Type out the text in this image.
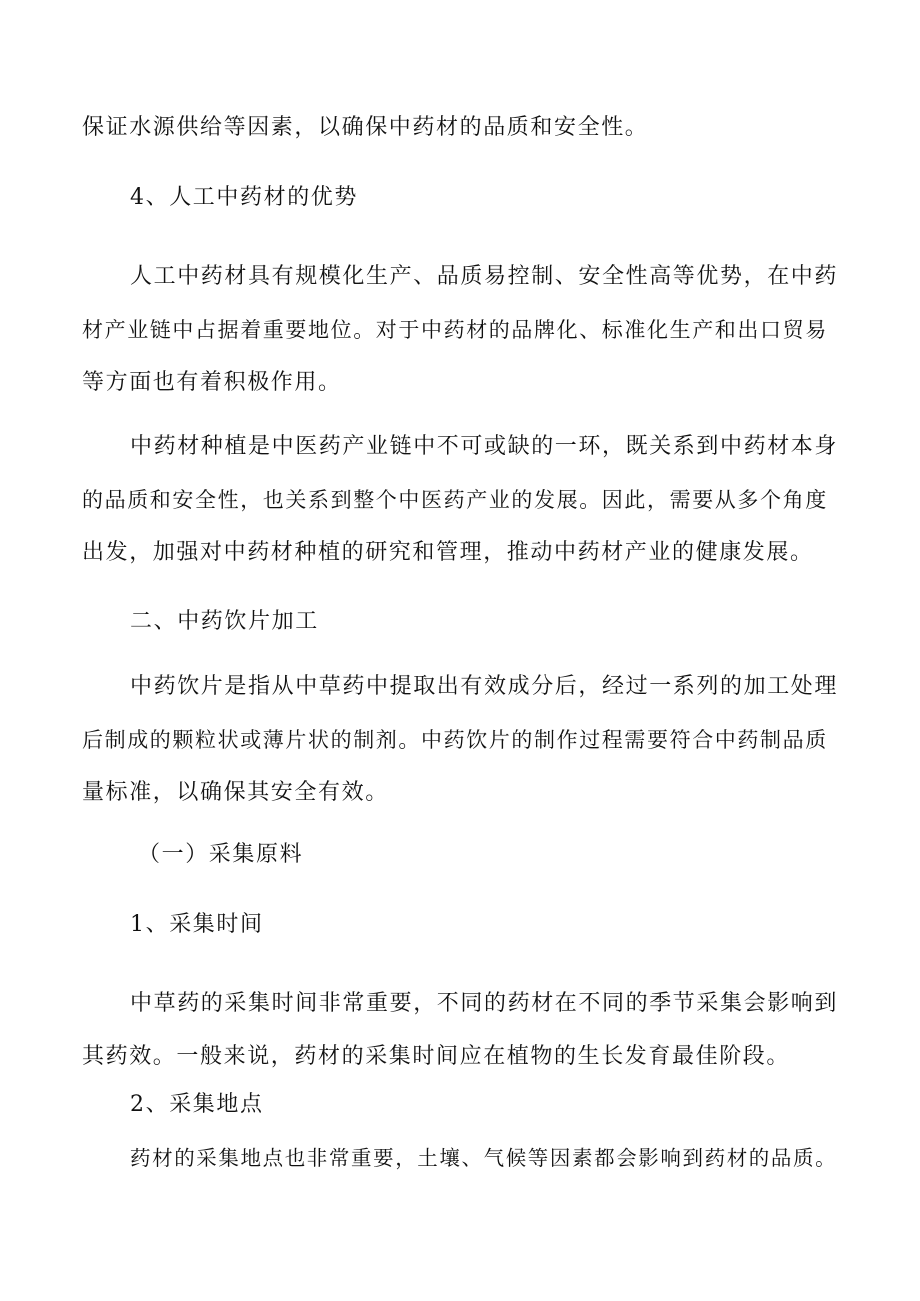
保证水源供给等因素，以确保中药材的品质和安全性。
4、人工中药材的优势
人工中药材具有规模化生产、品质易控制、安全性高等优势，在中药
材产业链中占据着重要地位。对于中药材的品牌化、标准化生产和出口贸易
等方面也有着积极作用。
中药材种植是中医药产业链中不可或缺的一环，既关系到中药材本身
的品质和安全性，也关系到整个中医药产业的发展。因此，需要从多个角度
出发，加强对中药材种植的研究和管理，推动中药材产业的健康发展。
二、中药饮片加工
中药饮片是指从中草药中提取出有效成分后，经过一系列的加工处理
后制成的颗粒状或薄片状的制剂。中药饮片的制作过程需要符合中药制品质
量标准，以确保其安全有效。
（一）采集原料
1、采集时间
中草药的采集时间非常重要，不同的药材在不同的季节采集会影响到
其药效。一般来说，药材的采集时间应在植物的生长发育最佳阶段。
2、采集地点
药材的采集地点也非常重要，土壤、气候等因素都会影响到药材的品质。
